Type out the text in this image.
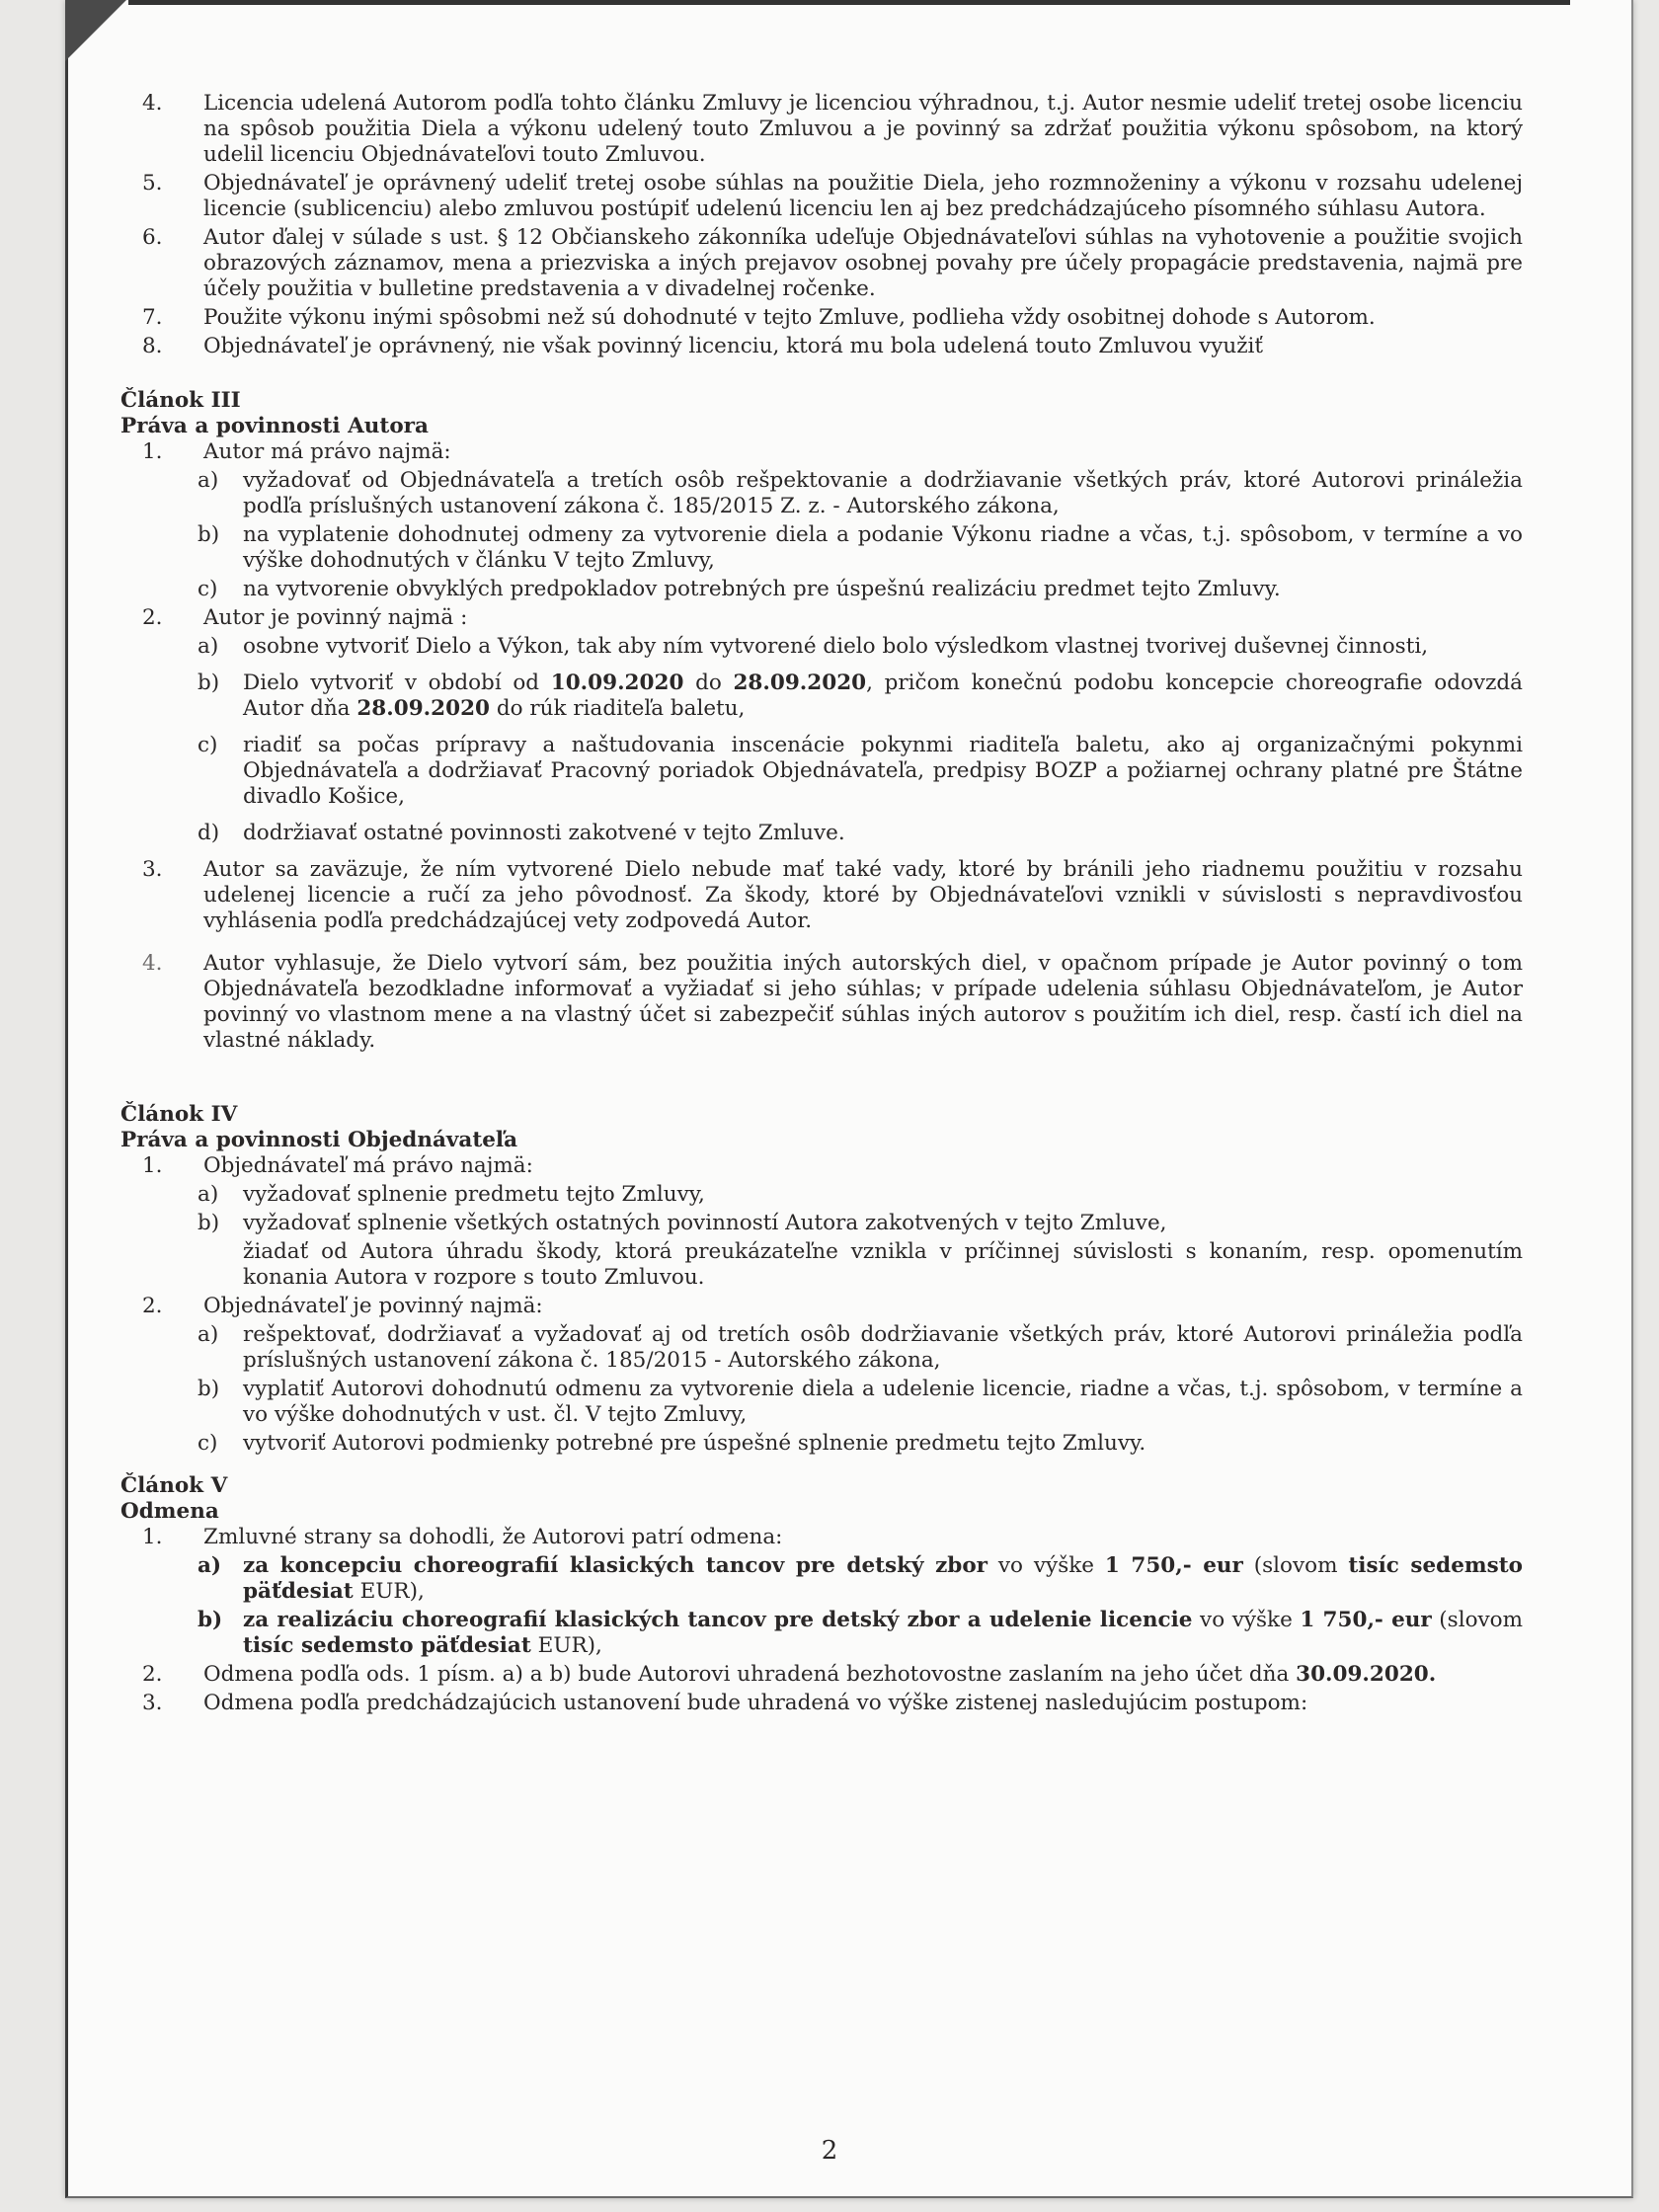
4. Licencia udelená Autorom podľa tohto článku Zmluvy je licenciou výhradnou, t.j. Autor nesmie udeliť tretej osobe licenciu na spôsob použitia Diela a výkonu udelený touto Zmluvou a je povinný sa zdržať použitia výkonu spôsobom, na ktorý udelil licenciu Objednávateľovi touto Zmluvou.
5. Objednávateľ je oprávnený udeliť tretej osobe súhlas na použitie Diela, jeho rozmnoženiny a výkonu v rozsahu udelenej licencie (sublicenciu) alebo zmluvou postúpiť udelenú licenciu len aj bez predchádzajúceho písomného súhlasu Autora.
6. Autor ďalej v súlade s ust. § 12 Občianskeho zákonníka udeľuje Objednávateľovi súhlas na vyhotovenie a použitie svojich obrazových záznamov, mena a priezviska a iných prejavov osobnej povahy pre účely propagácie predstavenia, najmä pre účely použitia v bulletine predstavenia a v divadelnej ročenke.
7. Použite výkonu inými spôsobmi než sú dohodnuté v tejto Zmluve, podlieha vždy osobitnej dohode s Autorom.
8. Objednávateľ je oprávnený, nie však povinný licenciu, ktorá mu bola udelená touto Zmluvou využiť

Článok III

Práva a povinnosti Autora

1. Autor má právo najmä:
a) vyžadovať od Objednávateľa a tretích osôb rešpektovanie a dodržiavanie všetkých práv, ktoré Autorovi prináležia podľa príslušných ustanovení zákona č. 185/2015 Z. z. - Autorského zákona,
b) na vyplatenie dohodnutej odmeny za vytvorenie diela a podanie Výkonu riadne a včas, t.j. spôsobom, v termíne a vo výške dohodnutých v článku V tejto Zmluvy,
c) na vytvorenie obvyklých predpokladov potrebných pre úspešnú realizáciu predmet tejto Zmluvy.
2. Autor je povinný najmä :
a) osobne vytvoriť Dielo a Výkon, tak aby ním vytvorené dielo bolo výsledkom vlastnej tvorivej duševnej činnosti,
b) Dielo vytvoriť v období od 10.09.2020 do 28.09.2020, pričom konečnú podobu koncepcie choreografie odovzdá Autor dňa 28.09.2020 do rúk riaditeľa baletu,
c) riadiť sa počas prípravy a naštudovania inscenácie pokynmi riaditeľa baletu, ako aj organizačnými pokynmi Objednávateľa a dodržiavať Pracovný poriadok Objednávateľa, predpisy BOZP a požiarnej ochrany platné pre Štátne divadlo Košice,
d) dodržiavať ostatné povinnosti zakotvené v tejto Zmluve.
3. Autor sa zaväzuje, že ním vytvorené Dielo nebude mať také vady, ktoré by bránili jeho riadnemu použitiu v rozsahu udelenej licencie a ručí za jeho pôvodnosť. Za škody, ktoré by Objednávateľovi vznikli v súvislosti s nepravdivosťou vyhlásenia podľa predchádzajúcej vety zodpovedá Autor.
4. Autor vyhlasuje, že Dielo vytvorí sám, bez použitia iných autorských diel, v opačnom prípade je Autor povinný o tom Objednávateľa bezodkladne informovať a vyžiadať si jeho súhlas; v prípade udelenia súhlasu Objednávateľom, je Autor povinný vo vlastnom mene a na vlastný účet si zabezpečiť súhlas iných autorov s použitím ich diel, resp. častí ich diel na vlastné náklady.

Článok IV

Práva a povinnosti Objednávateľa

1. Objednávateľ má právo najmä:
a) vyžadovať splnenie predmetu tejto Zmluvy,
b) vyžadovať splnenie všetkých ostatných povinností Autora zakotvených v tejto Zmluve,
žiadať od Autora úhradu škody, ktorá preukázateľne vznikla v príčinnej súvislosti s konaním, resp. opomenutím konania Autora v rozpore s touto Zmluvou.
2. Objednávateľ je povinný najmä:
a) rešpektovať, dodržiavať a vyžadovať aj od tretích osôb dodržiavanie všetkých práv, ktoré Autorovi prináležia podľa príslušných ustanovení zákona č. 185/2015 - Autorského zákona,
b) vyplatiť Autorovi dohodnutú odmenu za vytvorenie diela a udelenie licencie, riadne a včas, t.j. spôsobom, v termíne a vo výške dohodnutých v ust. čl. V tejto Zmluvy,
c) vytvoriť Autorovi podmienky potrebné pre úspešné splnenie predmetu tejto Zmluvy.

Článok V

Odmena

1. Zmluvné strany sa dohodli, že Autorovi patrí odmena:
a) za koncepciu choreografií klasických tancov pre detský zbor vo výške 1 750,- eur (slovom tisíc sedemsto päťdesiat EUR),
b) za realizáciu choreografií klasických tancov pre detský zbor a udelenie licencie vo výške 1 750,- eur (slovom tisíc sedemsto päťdesiat EUR),
2. Odmena podľa ods. 1 písm. a) a b) bude Autorovi uhradená bezhotovostne zaslaním na jeho účet dňa 30.09.2020.
3. Odmena podľa predchádzajúcich ustanovení bude uhradená vo výške zistenej nasledujúcim postupom:
2
